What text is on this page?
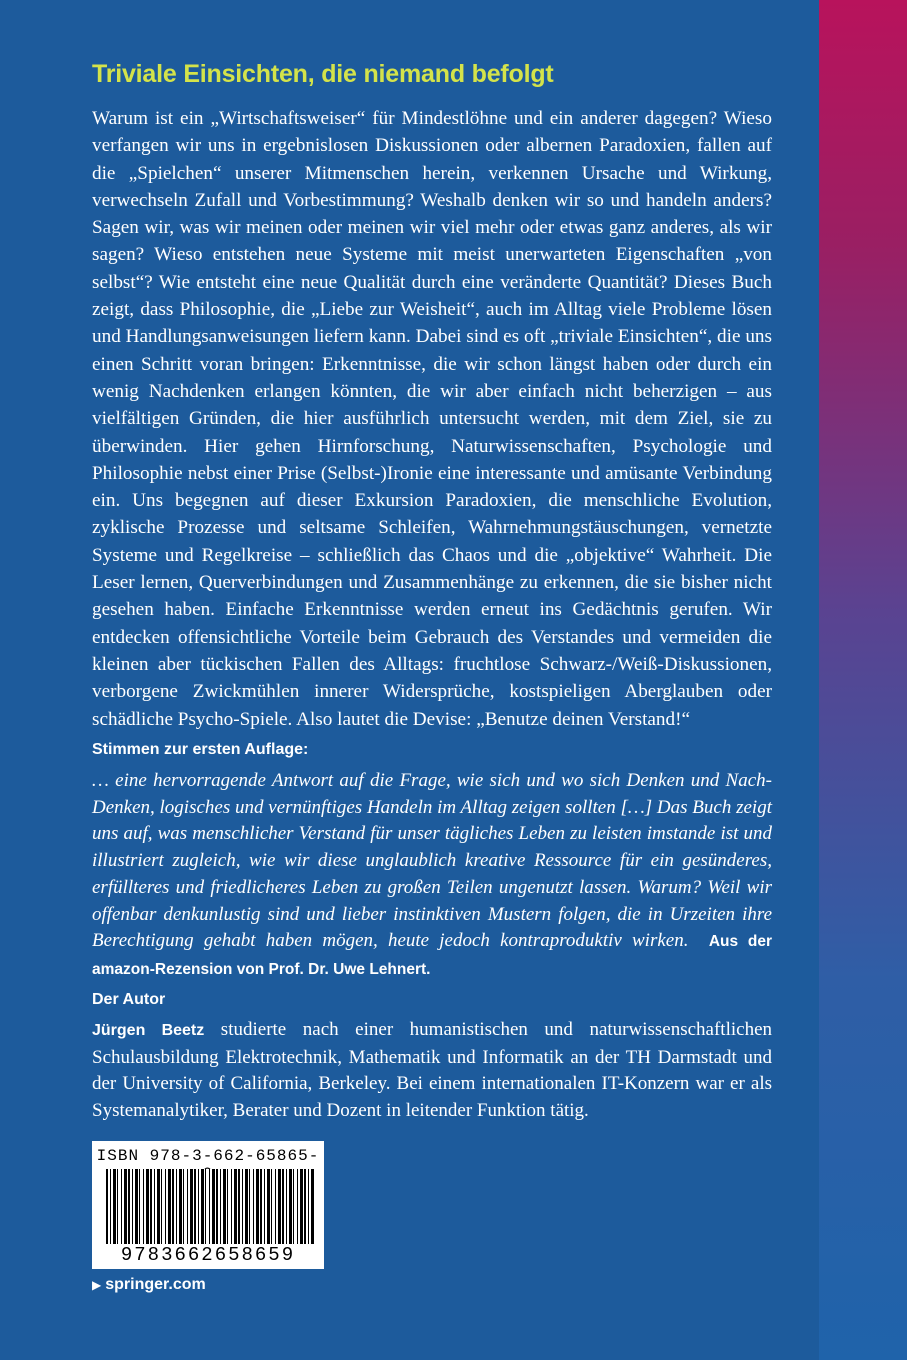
Triviale Einsichten, die niemand befolgt

Warum ist ein „Wirtschaftsweiser“ für Mindestlöhne und ein anderer dagegen? Wieso verfangen wir uns in ergebnislosen Diskussionen oder albernen Paradoxien, fallen auf die „Spielchen“ unserer Mitmenschen herein, verkennen Ursache und Wirkung, verwechseln Zufall und Vorbestimmung? Weshalb denken wir so und handeln anders? Sagen wir, was wir meinen oder meinen wir viel mehr oder etwas ganz anderes, als wir sagen? Wieso entstehen neue Systeme mit meist unerwarteten Eigenschaften „von selbst“? Wie entsteht eine neue Qualität durch eine veränderte Quantität? Dieses Buch zeigt, dass Philosophie, die „Liebe zur Weisheit“, auch im Alltag viele Probleme lösen und Handlungsanweisungen liefern kann. Dabei sind es oft „triviale Einsichten“, die uns einen Schritt voran bringen: Erkenntnisse, die wir schon längst haben oder durch ein wenig Nachdenken erlangen könnten, die wir aber einfach nicht beherzigen – aus vielfältigen Gründen, die hier ausführlich untersucht werden, mit dem Ziel, sie zu überwinden. Hier gehen Hirnforschung, Naturwissenschaften, Psychologie und Philosophie nebst einer Prise (Selbst-)Ironie eine interessante und amüsante Verbindung ein. Uns begegnen auf dieser Exkursion Paradoxien, die menschliche Evolution, zyklische Prozesse und seltsame Schleifen, Wahrnehmungstäuschungen, vernetzte Systeme und Regelkreise – schließlich das Chaos und die „objektive“ Wahrheit. Die Leser lernen, Querverbindungen und Zusammenhänge zu erkennen, die sie bisher nicht gesehen haben. Einfache Erkenntnisse werden erneut ins Gedächtnis gerufen. Wir entdecken offensichtliche Vorteile beim Gebrauch des Verstandes und vermeiden die kleinen aber tückischen Fallen des Alltags: fruchtlose Schwarz-/Weiß-Diskussionen, verborgene Zwickmühlen innerer Widersprüche, kostspieligen Aberglauben oder schädliche Psycho-Spiele. Also lautet die Devise: „Benutze deinen Verstand!“

Stimmen zur ersten Auflage:

… eine hervorragende Antwort auf die Frage, wie sich und wo sich Denken und Nach-Denken, logisches und vernünftiges Handeln im Alltag zeigen sollten […] Das Buch zeigt uns auf, was menschlicher Verstand für unser tägliches Leben zu leisten imstande ist und illustriert zugleich, wie wir diese unglaublich kreative Ressource für ein gesünderes, erfüllteres und friedlicheres Leben zu großen Teilen ungenutzt lassen. Warum? Weil wir offenbar denkunlustig sind und lieber instinktiven Mustern folgen, die in Urzeiten ihre Berechtigung gehabt haben mögen, heute jedoch kontraproduktiv wirken. Aus der amazon-Rezension von Prof. Dr. Uwe Lehnert.

Der Autor

Jürgen Beetz studierte nach einer humanistischen und naturwissenschaftlichen Schulausbildung Elektrotechnik, Mathematik und Informatik an der TH Darmstadt und der University of California, Berkeley. Bei einem internationalen IT-Konzern war er als Systemanalytiker, Berater und Dozent in leitender Funktion tätig.

ISBN 978-3-662-65865-
9783662658659
▶ springer.com
